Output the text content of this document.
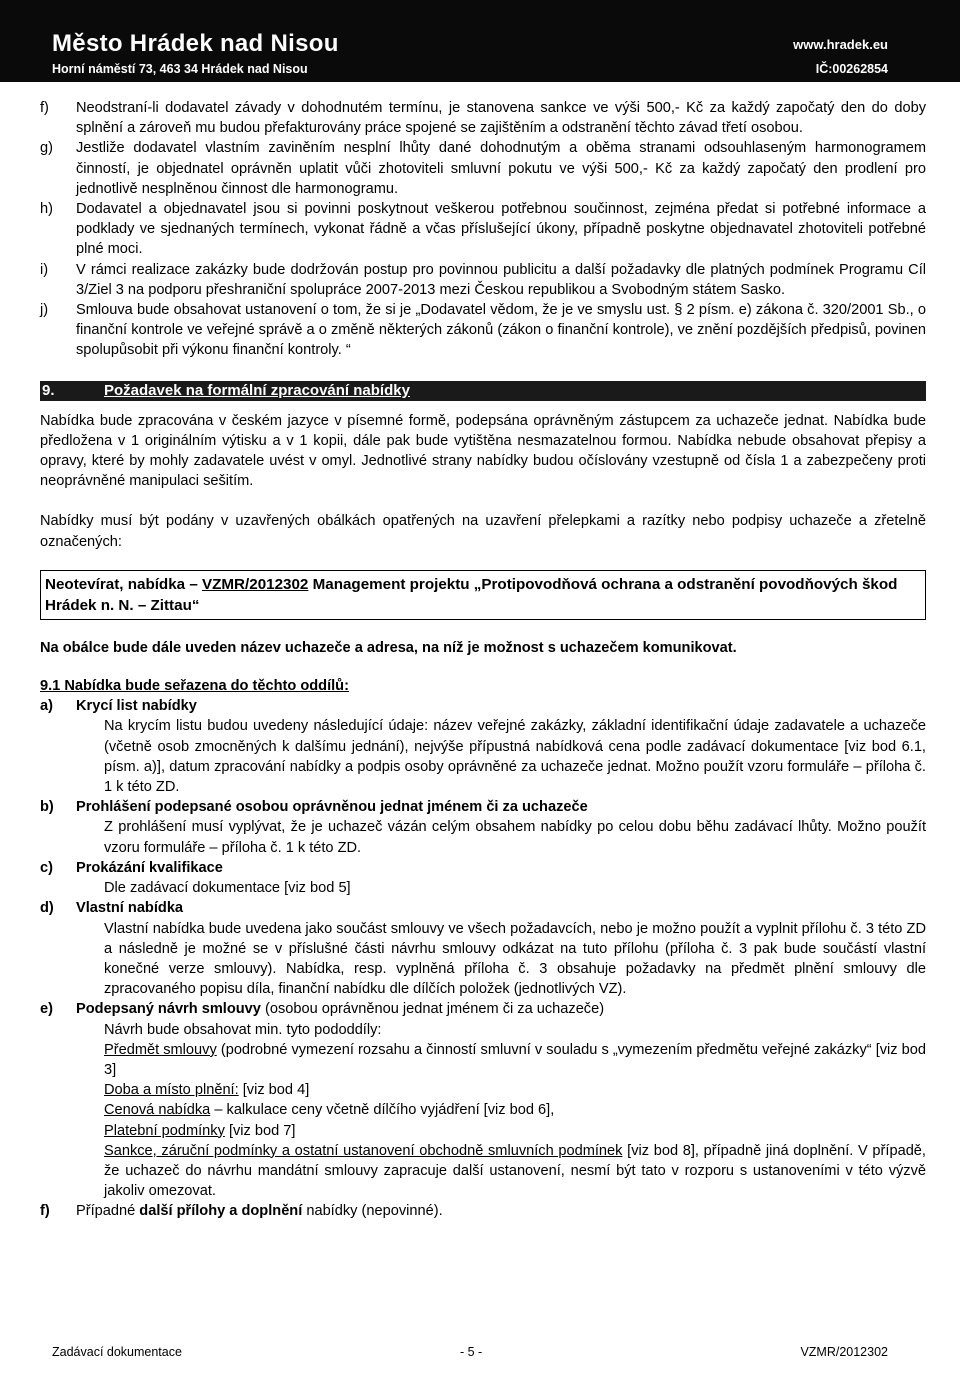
Město Hrádek nad Nisou
Horní náměstí 73, 463 34 Hrádek nad Nisou
www.hradek.eu
IČ:00262854
f) Neodstraní-li dodavatel závady v dohodnutém termínu, je stanovena sankce ve výši 500,- Kč za každý započatý den do doby splnění a zároveň mu budou přefakturovány práce spojené se zajištěním a odstranění těchto závad třetí osobou.
g) Jestliže dodavatel vlastním zaviněním nesplní lhůty dané dohodnutým a oběma stranami odsouhlaseným harmonogramem činností, je objednatel oprávněn uplatit vůči zhotoviteli smluvní pokutu ve výši 500,- Kč za každý započatý den prodlení pro jednotlivě nesplněnou činnost dle harmonogramu.
h) Dodavatel a objednavatel jsou si povinni poskytnout veškerou potřebnou součinnost, zejména předat si potřebné informace a podklady ve sjednaných termínech, vykonat řádně a včas příslušející úkony, případně poskytne objednavatel zhotoviteli potřebné plné moci.
i) V rámci realizace zakázky bude dodržován postup pro povinnou publicitu a další požadavky dle platných podmínek Programu Cíl 3/Ziel 3 na podporu přeshraniční spolupráce 2007-2013 mezi Českou republikou a Svobodným státem Sasko.
j) Smlouva bude obsahovat ustanovení o tom, že si je „Dodavatel vědom, že je ve smyslu ust. § 2 písm. e) zákona č. 320/2001 Sb., o finanční kontrole ve veřejné správě a o změně některých zákonů (zákon o finanční kontrole), ve znění pozdějších předpisů, povinen spolupůsobit při výkonu finanční kontroly. “
9.	Požadavek na formální zpracování nabídky

Nabídka bude zpracována v českém jazyce v písemné formě, podepsána oprávněným zástupcem za uchazeče jednat. Nabídka bude předložena v 1 originálním výtisku a v 1 kopii, dále pak bude vytištěna nesmazatelnou formou. Nabídka nebude obsahovat přepisy a opravy, které by mohly zadavatele uvést v omyl. Jednotlivé strany nabídky budou očíslovány vzestupně od čísla 1 a zabezpečeny proti neoprávněné manipulaci sešitím.

Nabídky musí být podány v uzavřených obálkách opatřených na uzavření přelepkami a razítky nebo podpisy uchazeče a zřetelně označených:

Neotevírat, nabídka – VZMR/2012302 Management projektu „Protipovodňová ochrana a odstranění povodňových škod Hrádek n. N. – Zittau“

Na obálce bude dále uveden název uchazeče a adresa, na níž je možnost s uchazečem komunikovat.

9.1 Nabídka bude seřazena do těchto oddílů:
a) Krycí list nabídky
Na krycím listu budou uvedeny následující údaje: název veřejné zakázky, základní identifikační údaje zadavatele a uchazeče (včetně osob zmocněných k dalšímu jednání), nejvýše přípustná nabídková cena podle zadávací dokumentace [viz bod 6.1, písm. a)], datum zpracování nabídky a podpis osoby oprávněné za uchazeče jednat. Možno použít vzoru formuláře – příloha č. 1 k této ZD.
b) Prohlášení podepsané osobou oprávněnou jednat jménem či za uchazeče
Z prohlášení musí vyplývat, že je uchazeč vázán celým obsahem nabídky po celou dobu běhu zadávací lhůty. Možno použít vzoru formuláře – příloha č. 1 k této ZD.
c) Prokázání kvalifikace
Dle zadávací dokumentace [viz bod 5]
d) Vlastní nabídka
Vlastní nabídka bude uvedena jako součást smlouvy ve všech požadavcích, nebo je možno použít a vyplnit přílohu č. 3 této ZD a následně je možné se v příslušné části návrhu smlouvy odkázat na tuto přílohu (příloha č. 3 pak bude součástí vlastní konečné verze smlouvy). Nabídka, resp. vyplněná příloha č. 3 obsahuje požadavky na předmět plnění smlouvy dle zpracovaného popisu díla, finanční nabídku dle dílčích položek (jednotlivých VZ).
e) Podepsaný návrh smlouvy (osobou oprávněnou jednat jménem či za uchazeče)
Návrh bude obsahovat min. tyto pododdíly:
Předmět smlouvy (podrobné vymezení rozsahu a činností smluvní v souladu s „vymezením předmětu veřejné zakázky“ [viz bod 3]
Doba a místo plnění: [viz bod 4]
Cenová nabídka – kalkulace ceny včetně dílčího vyjádření [viz bod 6],
Platební podmínky [viz bod 7]
Sankce, záruční podmínky a ostatní ustanovení obchodně smluvních podmínek [viz bod 8], případně jiná doplnění. V případě, že uchazeč do návrhu mandátní smlouvy zapracuje další ustanovení, nesmí být tato v rozporu s ustanoveními v této výzvě jakoliv omezovat.
f) Případné další přílohy a doplnění nabídky (nepovinné).
Zadávací dokumentace	- 5 -	VZMR/2012302
